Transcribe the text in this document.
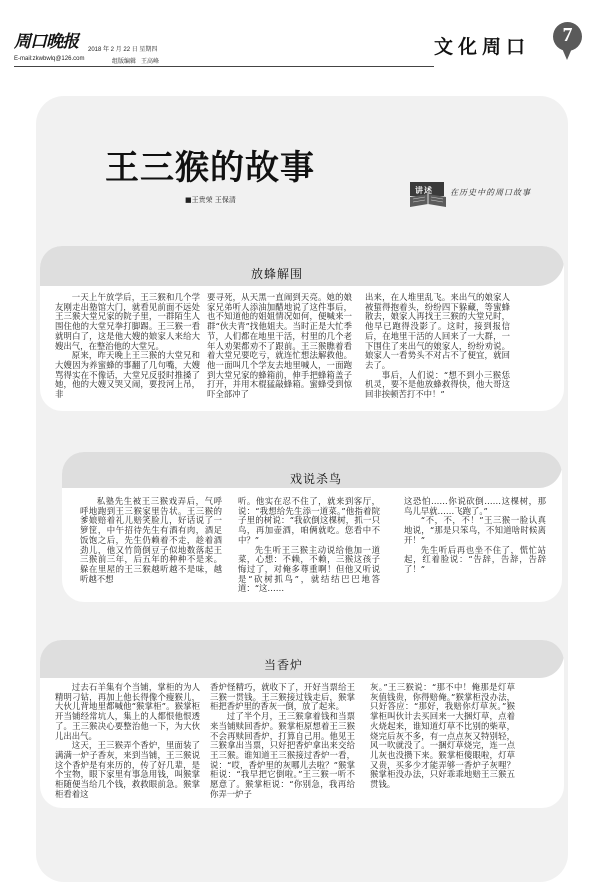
周口晚报 2018 年 2 月 22 日 星期四
E-mail:zkwbwlq@126.com	组版编辑 王高峰
文化周口
7
王三猴的故事
■王贵荣 王保清
讲述 在历史中的周口故事
放蜂解围

一天上午放学后，王三猴和几个学友刚走出塾馆大门，就看见前面不远处王三猴大堂兄家的院子里，一群陌生人围住他的大堂兄拳打脚踢。王三猴一看就明白了，这是他大嫂的娘家人来给大嫂出气，在整治他的大堂兄。

原来，昨天晚上王三猴的大堂兄和大嫂因为养蜜蜂的事翻了几句嘴，大嫂骂得实在不像话，大堂兄反驳时推搡了她，他的大嫂又哭又闹，要投河上吊，非

要寻死，从天黑一直闹到天亮。她的娘家兄弟听人添油加醋地说了这件事后，也不知道他的姐姐情况如何，便喊来一群“伙夫青”找他姐夫。当时正是大忙季节，人们都在地里干活，村里的几个老年人劝架都劝不了跟前。王三猴瞧着看着大堂兄要吃亏，就连忙想法解救他。他一面叫几个学友去地里喊人，一面跑到大堂兄家的蜂箱前，伸手把蜂箱盖子打开，并用木棍猛敲蜂箱。蜜蜂受到惊吓全部冲了

出来，在人堆里乱飞。来出气的娘家人被蜇得抱着头，纷纷四下躲藏，等蜜蜂散去，娘家人再找王三猴的大堂兄时，他早已跑得没影了。这时，接到报信后，在地里干活的人回来了一大群，一下围住了来出气的娘家人，纷纷劝说。娘家人一看势头不对占不了便宜，就回去了。

事后，人们说：“想不到小三猴恁机灵，要不是他放蜂救得快，他大哥这回非挨顿苦打不中！”

戏说杀鸟

私塾先生被王三猴戏弄后，气呼呼地跑到王三猴家里告状。王三猴的爹娘赔着礼儿赔笑脸儿，好话说了一箩筐，中午招待先生有酒有肉，酒足饭饱之后，先生仍赖着不走，趁着酒劲儿，他又竹筒倒豆子似地数落起王三猴前三年，后五年的种种不是来。躲在里屋的王三猴越听越不是味，越听越不想

听。他实在忍不住了，就来到客厅，说：“我想给先生添一道菜。”他指着院子里的树说：“我砍倒这棵树，抓一只鸟，再加壶酒，咱俩就吃。您看中不中？”

先生听王三猴主动说给他加一道菜，心想：不赖，不赖，三猴这孩子悔过了，对俺多尊重啊！但他又听说是“砍树抓鸟”，就结结巴巴地答道：“这……

这恐怕……你说砍倒……这棵树，那鸟儿早就……飞跑了。”

“不，不，不！”王三猴一脸认真地说，“那是只笨鸟，不知道啥时候离开！”

先生听后再也坐不住了，慌忙站起，红着脸说：“告辞，告辞，告辞了！”

当香炉

过去石羊集有个当铺，掌柜的为人精明刁钻，再加上他长得像个瘦猴儿，大伙儿背地里都喊他“猴掌柜”。猴掌柜开当铺经常坑人，集上的人都恨他恨透了。王三猴决心要整治他一下，为大伙儿出出气。

这天，王三猴弄个香炉，里面装了满满一炉子香灰，来到当铺，王三猴说这个香炉是有来历的，传了好几辈，是个宝物，眼下家里有事急用钱，叫猴掌柜随便当给几个钱，救救眼前急。猴掌柜看着这

香炉怪精巧，就收下了，开好当票给王三猴一贯钱。王三猴接过钱走后，猴掌柜把香炉里的香灰一倒，放了起来。

过了半个月，王三猴拿着钱和当票来当铺赎回香炉。猴掌柜原想着王三猴不会再赎回香炉，打算自己用。他见王三猴拿出当票，只好把香炉拿出来交给王三猴。谁知道王三猴接过香炉一看，说：“哎，香炉里的灰哪儿去啦？”猴掌柜说：“我早把它倒啦。”王三猴一听不愿意了。猴掌柜说：“你别急，我再给你弄一炉子

灰。”王三猴说：“那不中！俺那是灯草灰值钱贵，你得赔俺。”猴掌柜没办法，只好答应：“那好，我赔你灯草灰。”猴掌柜叫伙计去买回来一大捆灯草，点着火烧起来，谁知道灯草不比别的柴草，烧完后灰不多，有一点点灰又特别轻，风一吹就没了。一捆灯草烧完，连一点儿灰也没攒下来。猴掌柜傻眼啦，灯草又贵，买多少才能弄够一香炉子灰哩？猴掌柜没办法，只好乖乖地赔王三猴五贯钱。
